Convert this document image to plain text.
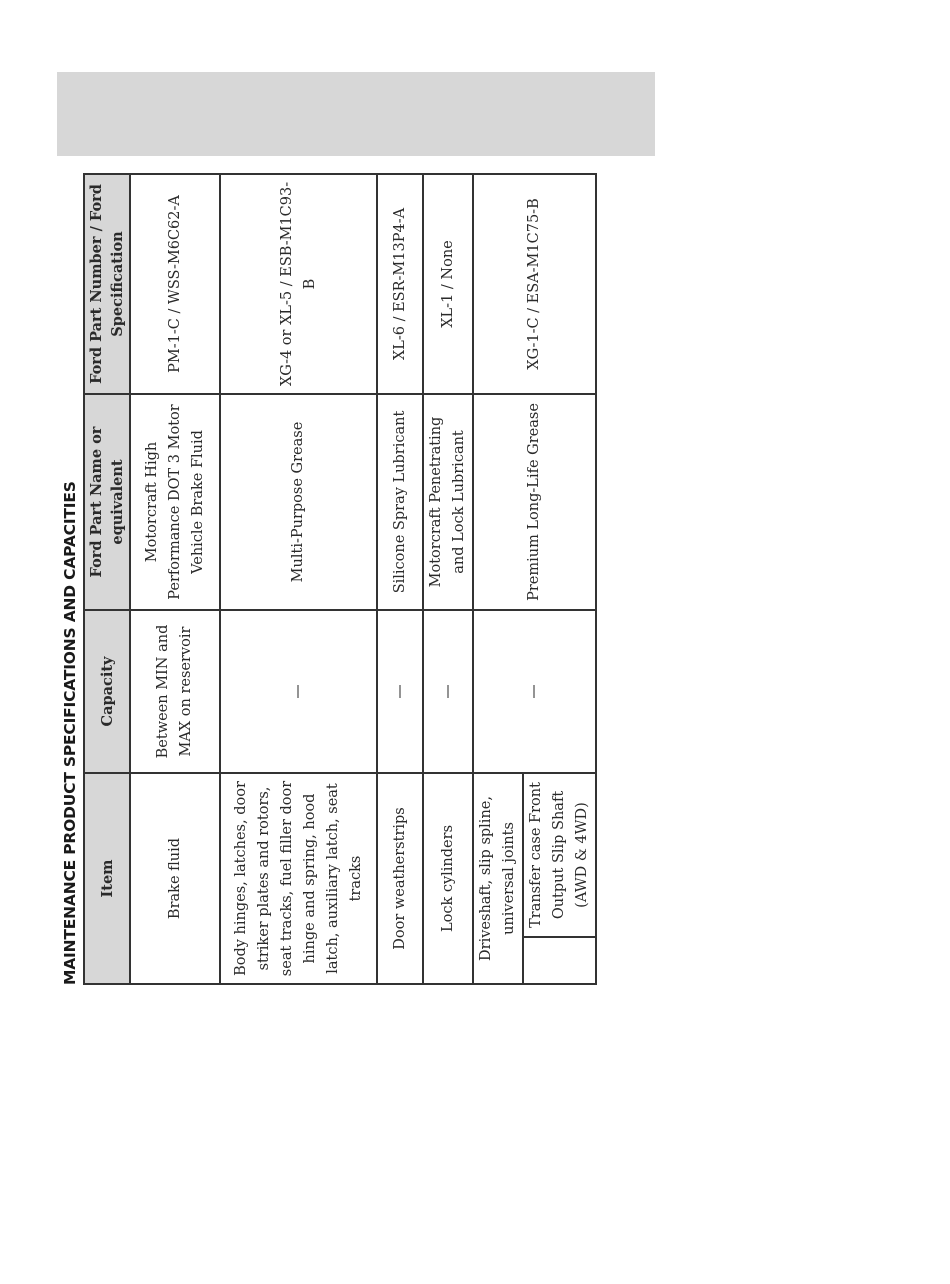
MAINTENANCE PRODUCT SPECIFICATIONS AND CAPACITIES Item		Capacity	Ford Part Name or equivalent	Ford Part Number / Ford Specification
Brake fluid		Between MIN and MAX on reservoir	Motorcraft High Performance DOT 3 Motor Vehicle Brake Fluid	PM-1-C / WSS-M6C62-A
Body hinges, latches, door striker plates and rotors, seat tracks, fuel filler door hinge and spring, hood latch, auxiliary latch, seat tracks		—	Multi-Purpose Grease	XG-4 or XL-5 / ESB-M1C93-B
Door weatherstrips		—	Silicone Spray Lubricant	XL-6 / ESR-M13P4-A
Lock cylinders		—	Motorcraft Penetrating and Lock Lubricant	XL-1 / None
Driveshaft, slip spline, universal joints		—	Premium Long-Life Grease	XG-1-C / ESA-M1C75-B
	Transfer case Front Output Slip Shaft (AWD & 4WD)			
